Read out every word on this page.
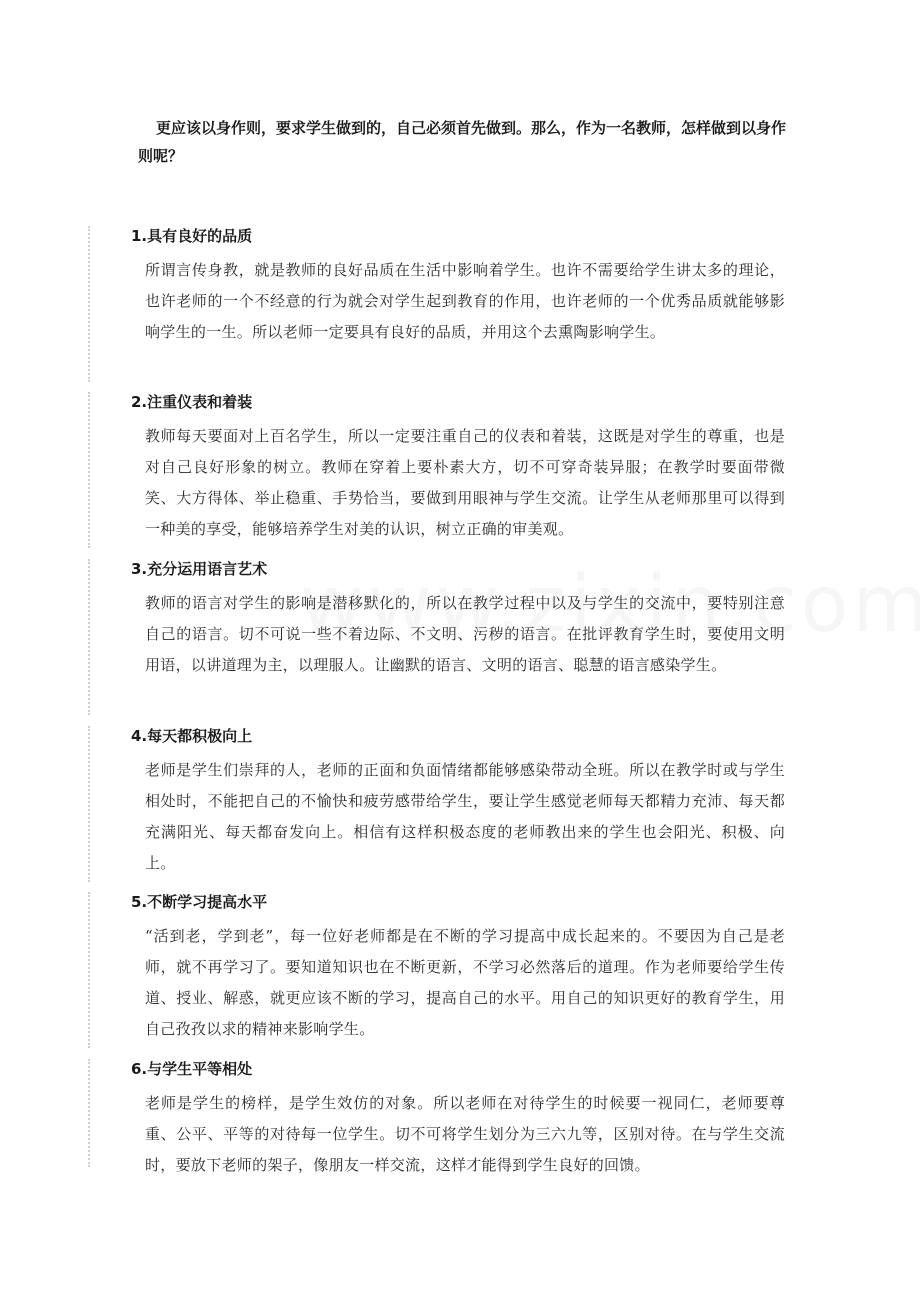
更应该以身作则，要求学生做到的，自己必须首先做到。那么，作为一名教师，怎样做到以身作则呢？

1.具有良好的品质

所谓言传身教，就是教师的良好品质在生活中影响着学生。也许不需要给学生讲太多的理论，也许老师的一个不经意的行为就会对学生起到教育的作用，也许老师的一个优秀品质就能够影响学生的一生。所以老师一定要具有良好的品质，并用这个去熏陶影响学生。

2.注重仪表和着装

教师每天要面对上百名学生，所以一定要注重自己的仪表和着装，这既是对学生的尊重，也是对自己良好形象的树立。教师在穿着上要朴素大方，切不可穿奇装异服；在教学时要面带微笑、大方得体、举止稳重、手势恰当，要做到用眼神与学生交流。让学生从老师那里可以得到一种美的享受，能够培养学生对美的认识，树立正确的审美观。

3.充分运用语言艺术

教师的语言对学生的影响是潜移默化的，所以在教学过程中以及与学生的交流中，要特别注意自己的语言。切不可说一些不着边际、不文明、污秽的语言。在批评教育学生时，要使用文明用语，以讲道理为主，以理服人。让幽默的语言、文明的语言、聪慧的语言感染学生。

4.每天都积极向上

老师是学生们崇拜的人，老师的正面和负面情绪都能够感染带动全班。所以在教学时或与学生相处时，不能把自己的不愉快和疲劳感带给学生，要让学生感觉老师每天都精力充沛、每天都充满阳光、每天都奋发向上。相信有这样积极态度的老师教出来的学生也会阳光、积极、向上。

5.不断学习提高水平

“活到老，学到老”，每一位好老师都是在不断的学习提高中成长起来的。不要因为自己是老师，就不再学习了。要知道知识也在不断更新，不学习必然落后的道理。作为老师要给学生传道、授业、解惑，就更应该不断的学习，提高自己的水平。用自己的知识更好的教育学生，用自己孜孜以求的精神来影响学生。

6.与学生平等相处

老师是学生的榜样，是学生效仿的对象。所以老师在对待学生的时候要一视同仁，老师要尊重、公平、平等的对待每一位学生。切不可将学生划分为三六九等，区别对待。在与学生交流时，要放下老师的架子，像朋友一样交流，这样才能得到学生良好的回馈。
